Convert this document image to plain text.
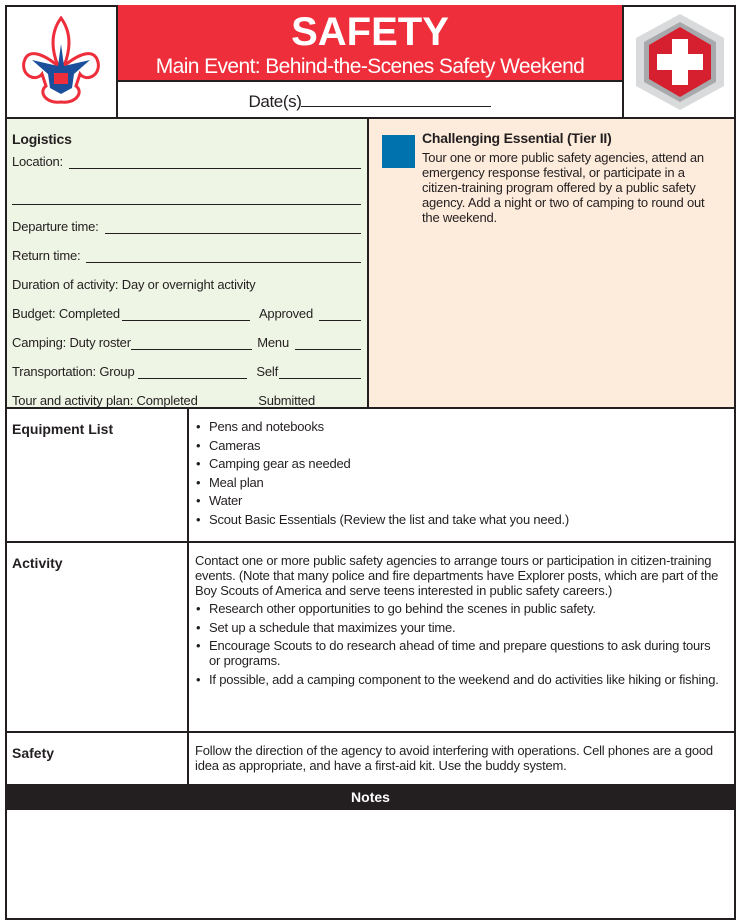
SAFETY
Main Event: Behind-the-Scenes Safety Weekend
Date(s)
Logistics
Location:
Departure time:
Return time:
Duration of activity: Day or overnight activity
Budget: Completed	Approved
Camping: Duty roster	Menu
Transportation: Group	Self
Tour and activity plan: Completed	Submitted
Challenging Essential (Tier II)

Tour one or more public safety agencies, attend an emergency response festival, or participate in a citizen-training program offered by a public safety agency. Add a night or two of camping to round out the weekend.

Equipment List	• Pens and notebooks
• Cameras
• Camping gear as needed
• Meal plan
• Water
• Scout Basic Essentials (Review the list and take what you need.)
Activity	Contact one or more public safety agencies to arrange tours or participation in citizen-training events. (Note that many police and fire departments have Explorer posts, which are part of the Boy Scouts of America and serve teens interested in public safety careers.)

• Research other opportunities to go behind the scenes in public safety.
• Set up a schedule that maximizes your time.
• Encourage Scouts to do research ahead of time and prepare questions to ask during tours or programs.
• If possible, add a camping component to the weekend and do activities like hiking or fishing.
Safety	Follow the direction of the agency to avoid interfering with operations. Cell phones are a good idea as appropriate, and have a first-aid kit. Use the buddy system.

Notes
